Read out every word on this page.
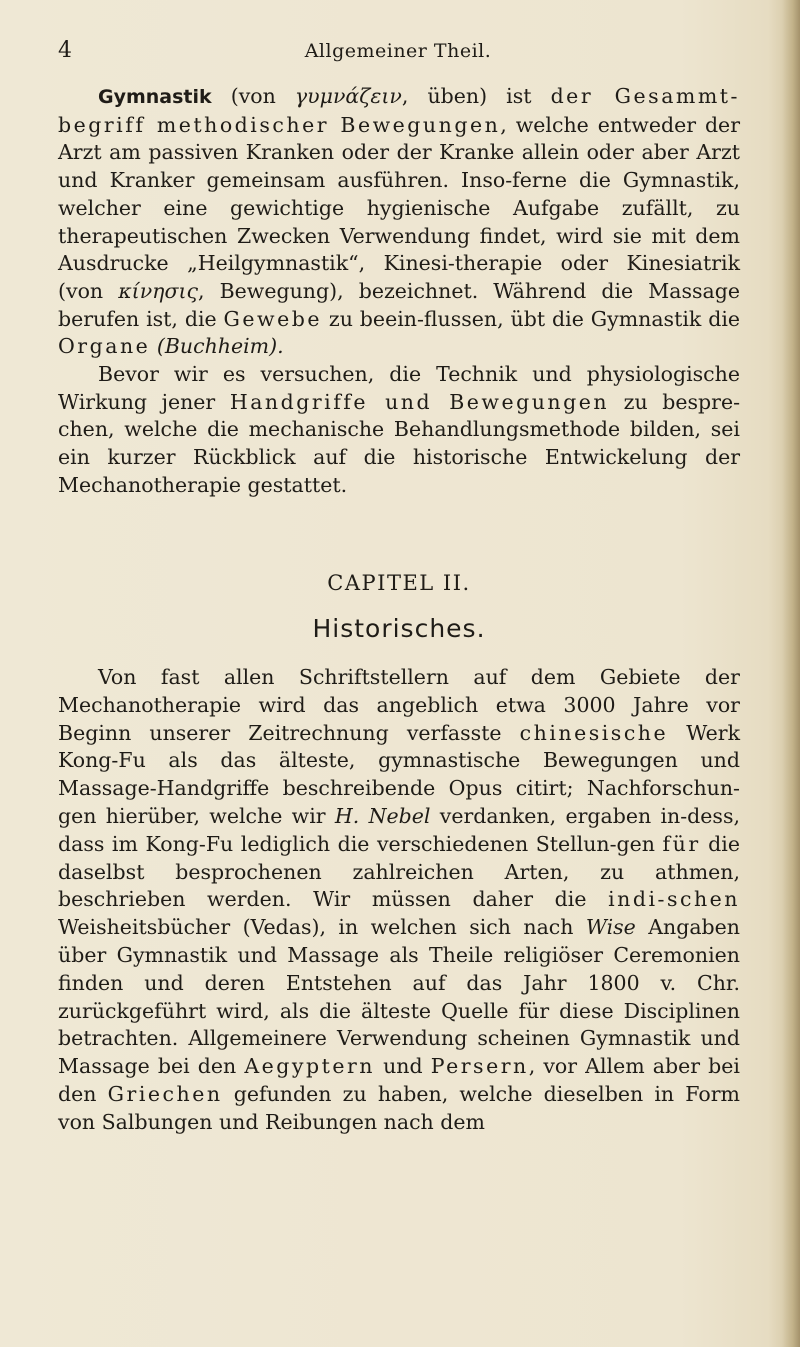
4	Allgemeiner Theil.

Gymnastik (von γυμνάζειν, üben) ist der Gesammt-begriff methodischer Bewegungen, welche entweder der Arzt am passiven Kranken oder der Kranke allein oder aber Arzt und Kranker gemeinsam ausführen. Inso-ferne die Gymnastik, welcher eine gewichtige hygienische Aufgabe zufällt, zu therapeutischen Zwecken Verwendung findet, wird sie mit dem Ausdrucke „Heilgymnastik“, Kinesi-therapie oder Kinesiatrik (von κίνησις, Bewegung), bezeichnet. Während die Massage berufen ist, die Gewebe zu beein-flussen, übt die Gymnastik die Organe (Buchheim).

Bevor wir es versuchen, die Technik und physiologische Wirkung jener Handgriffe und Bewegungen zu bespre-chen, welche die mechanische Behandlungsmethode bilden, sei ein kurzer Rückblick auf die historische Entwickelung der Mechanotherapie gestattet.

CAPITEL II.
Historisches.

Von fast allen Schriftstellern auf dem Gebiete der Mechanotherapie wird das angeblich etwa 3000 Jahre vor Beginn unserer Zeitrechnung verfasste chinesische Werk Kong-Fu als das älteste, gymnastische Bewegungen und Massage-Handgriffe beschreibende Opus citirt; Nachforschun-gen hierüber, welche wir H. Nebel verdanken, ergaben in-dess, dass im Kong-Fu lediglich die verschiedenen Stellun-gen für die daselbst besprochenen zahlreichen Arten, zu athmen, beschrieben werden. Wir müssen daher die indi-schen Weisheitsbücher (Vedas), in welchen sich nach Wise Angaben über Gymnastik und Massage als Theile religiöser Ceremonien finden und deren Entstehen auf das Jahr 1800 v. Chr. zurückgeführt wird, als die älteste Quelle für diese Disciplinen betrachten. Allgemeinere Verwendung scheinen Gymnastik und Massage bei den Aegyptern und Persern, vor Allem aber bei den Griechen gefunden zu haben, welche dieselben in Form von Salbungen und Reibungen nach dem
